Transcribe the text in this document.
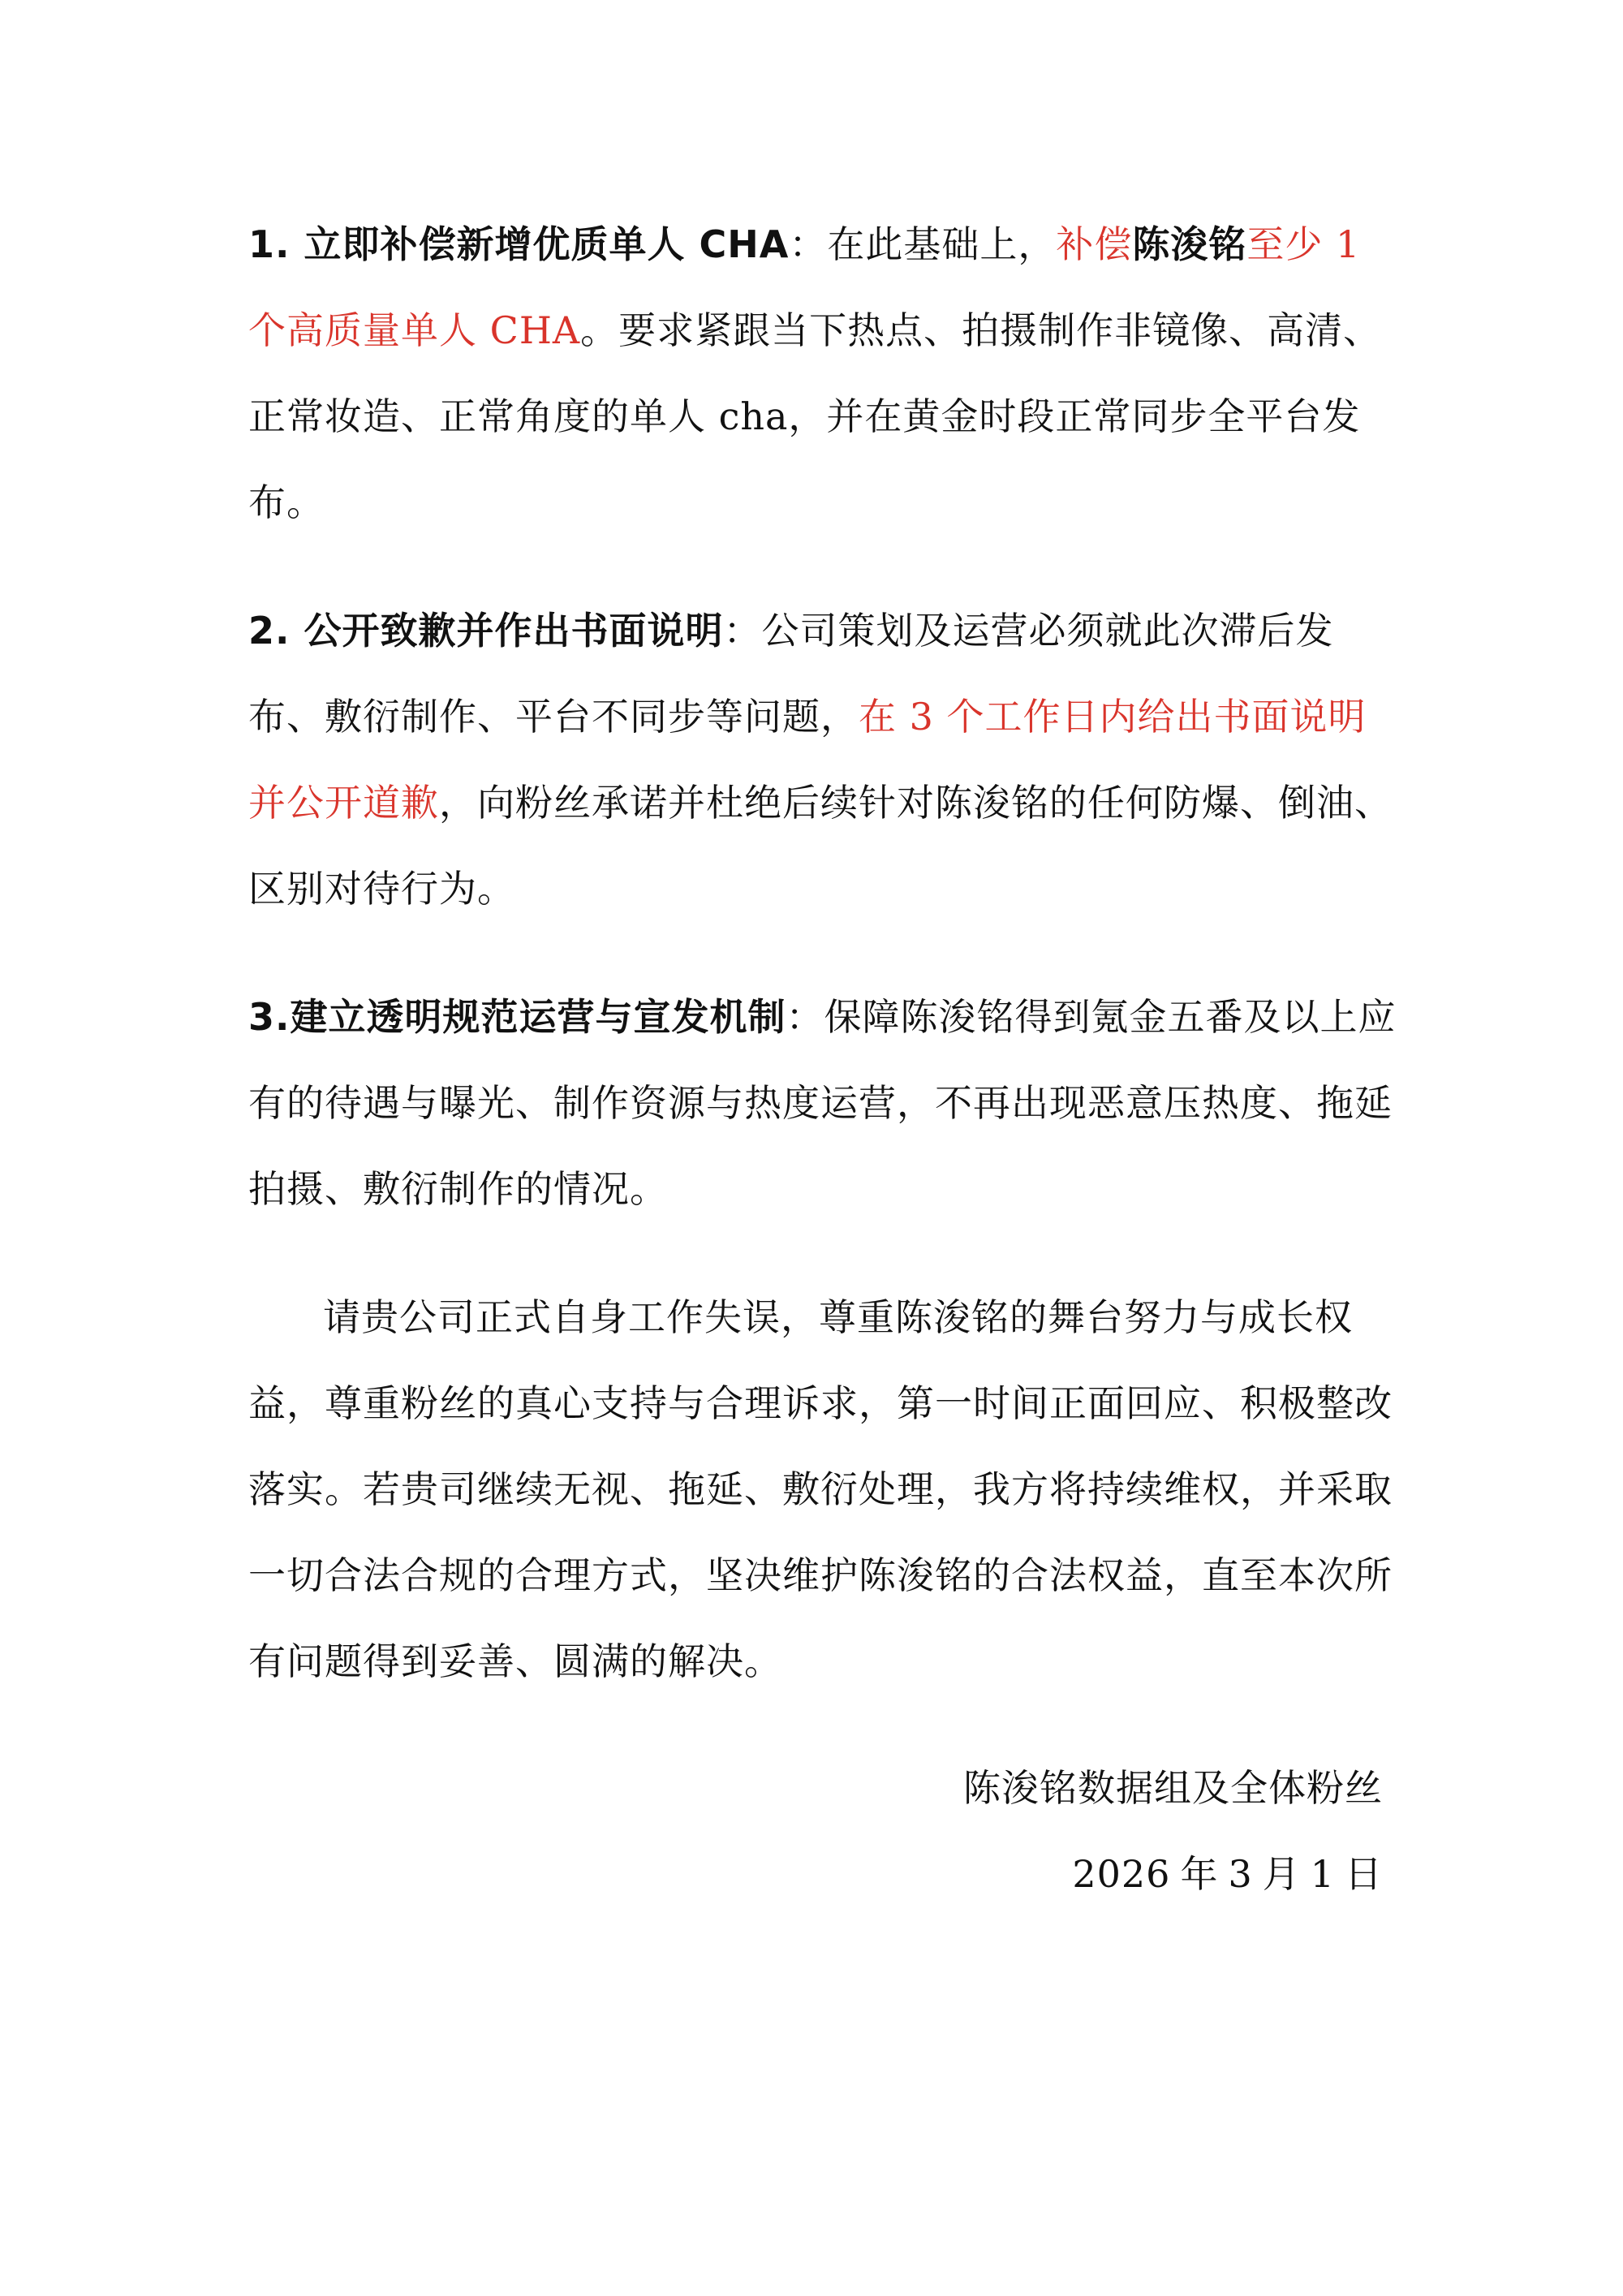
1. 立即补偿新增优质单人 CHA：在此基础上，补偿陈浚铭至少 1 个高质量单人 CHA。要求紧跟当下热点、拍摄制作非镜像、高清、正常妆造、正常角度的单人 cha，并在黄金时段正常同步全平台发布。

2. 公开致歉并作出书面说明：公司策划及运营必须就此次滞后发布、敷衍制作、平台不同步等问题，在 3 个工作日内给出书面说明并公开道歉，向粉丝承诺并杜绝后续针对陈浚铭的任何防爆、倒油、区别对待行为。

3.建立透明规范运营与宣发机制：保障陈浚铭得到氪金五番及以上应有的待遇与曝光、制作资源与热度运营，不再出现恶意压热度、拖延拍摄、敷衍制作的情况。

请贵公司正式自身工作失误，尊重陈浚铭的舞台努力与成长权益，尊重粉丝的真心支持与合理诉求，第一时间正面回应、积极整改落实。若贵司继续无视、拖延、敷衍处理，我方将持续维权，并采取一切合法合规的合理方式，坚决维护陈浚铭的合法权益，直至本次所有问题得到妥善、圆满的解决。

陈浚铭数据组及全体粉丝
2026 年 3 月 1 日
